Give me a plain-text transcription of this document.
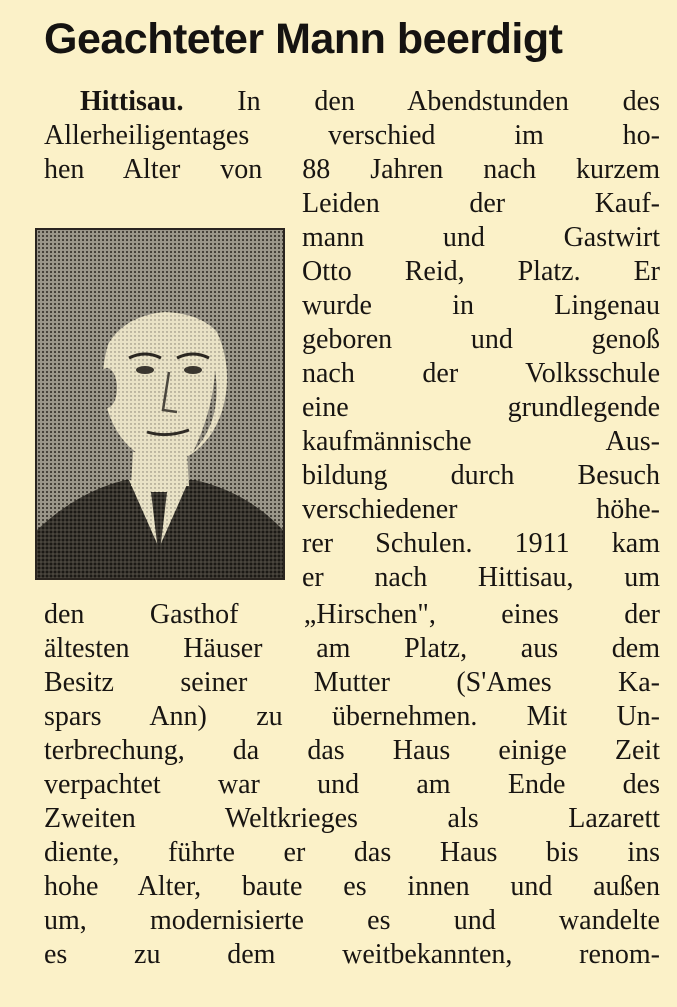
Geachteter Mann beerdigt
Hittisau. In den Abendstunden des
Allerheiligentages verschied im ho-
hen Alter von 88 Jahren nach kurzem
Leiden der Kauf-
mann und Gastwirt
Otto Reid, Platz. Er
wurde in Lingenau
geboren und genoß
nach der Volksschule
eine grundlegende
kaufmännische Aus-
bildung durch Besuch
verschiedener höhe-
rer Schulen. 1911 kam
er nach Hittisau, um
den Gasthof „Hirschen", eines der
ältesten Häuser am Platz, aus dem
Besitz seiner Mutter (S'Ames Ka-
spars Ann) zu übernehmen. Mit Un-
terbrechung, da das Haus einige Zeit
verpachtet war und am Ende des
Zweiten Weltkrieges als Lazarett
diente, führte er das Haus bis ins
hohe Alter, baute es innen und außen
um, modernisierte es und wandelte
es zu dem weitbekannten, renom-
